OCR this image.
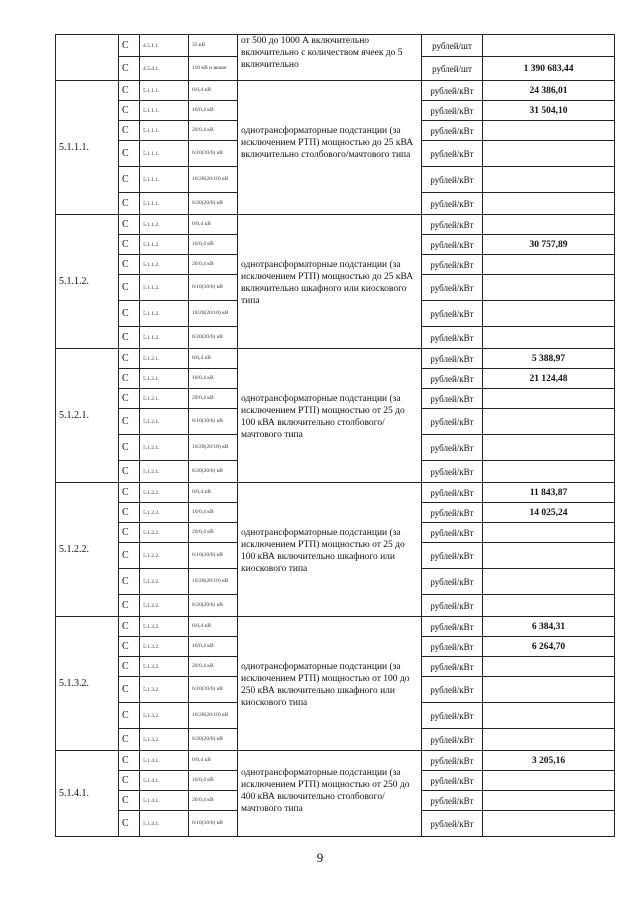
	С	4.5.1.1	35 кВ	от 500 до 1000 А включительно включительно с количеством ячеек до 5 включительно	рублей/шт	
	С	4.5.4.1.	110 кВ и выше		рублей/шт	1 390 683,44
5.1.1.1.	С	5.1.1.1.	6/0,4 кВ	однотрансформаторные подстанции (за исключением РТП) мощностью до 25 кВА включительно столбового/мачтового типа	рублей/кВт	24 386,01
	С	5.1.1.1.	10/0,4 кВ		рублей/кВт	31 504,10
	С	5.1.1.1.	20/0,4 кВ		рублей/кВт	
	С	5.1.1.1.	6/10(10/6) кВ		рублей/кВт	
	С	5.1.1.1.	10/20(20/10) кВ		рублей/кВт	
	С	5.1.1.1.	6/20(20/6) кВ		рублей/кВт	
5.1.1.2.	С	5.1.1.2.	6/0,4 кВ	однотрансформаторные подстанции (за исключением РТП) мощностью до 25 кВА включительно шкафного или киоскового типа	рублей/кВт	
	С	5.1.1.2.	10/0,4 кВ		рублей/кВт	30 757,89
	С	5.1.1.2.	20/0,4 кВ		рублей/кВт	
	С	5.1.1.2.	6/10(10/6) кВ		рублей/кВт	
	С	5.1.1.2.	10/20(20/10) кВ		рублей/кВт	
	С	5.1.1.2.	6/20(20/6) кВ		рублей/кВт	
5.1.2.1.	С	5.1.2.1.	6/0,4 кВ	однотрансформаторные подстанции (за исключением РТП) мощностью от 25 до 100 кВА включительно столбового/мачтового типа	рублей/кВт	5 388,97
	С	5.1.2.1.	10/0,4 кВ		рублей/кВт	21 124,48
	С	5.1.2.1.	20/0,4 кВ		рублей/кВт	
	С	5.1.2.1.	6/10(10/6) кВ		рублей/кВт	
	С	5.1.2.1.	10/20(20/10) кВ		рублей/кВт	
	С	5.1.2.1.	6/20(20/6) кВ		рублей/кВт	
5.1.2.2.	С	5.1.2.2.	6/0,4 кВ	однотрансформаторные подстанции (за исключением РТП) мощностью от 25 до 100 кВА включительно шкафного или киоскового типа	рублей/кВт	11 843,87
	С	5.1.2.2.	10/0,4 кВ		рублей/кВт	14 025,24
	С	5.1.2.2.	20/0,4 кВ		рублей/кВт	
	С	5.1.2.2.	6/10(10/6) кВ		рублей/кВт	
	С	5.1.2.2.	10/20(20/10) кВ		рублей/кВт	
	С	5.1.2.2.	6/20(20/6) кВ		рублей/кВт	
5.1.3.2.	С	5.1.3.2.	6/0,4 кВ	однотрансформаторные подстанции (за исключением РТП) мощностью от 100 до 250 кВА включительно шкафного или киоскового типа	рублей/кВт	6 384,31
	С	5.1.3.2.	10/0,4 кВ		рублей/кВт	6 264,70
	С	5.1.3.2.	20/0,4 кВ		рублей/кВт	
	С	5.1.3.2.	6/10(10/6) кВ		рублей/кВт	
	С	5.1.3.2.	10/20(20/10) кВ		рублей/кВт	
	С	5.1.3.2.	6/20(20/6) кВ		рублей/кВт	
5.1.4.1.	С	5.1.4.1.	6/0,4 кВ	однотрансформаторные подстанции (за исключением РТП) мощностью от 250 до 400 кВА включительно столбового/мачтового типа	рублей/кВт	3 205,16
	С	5.1.4.1.	10/0,4 кВ		рублей/кВт	
	С	5.1.4.1.	20/0,4 кВ		рублей/кВт	
	С	5.1.4.1.	6/10(10/6) кВ		рублей/кВт	
9
